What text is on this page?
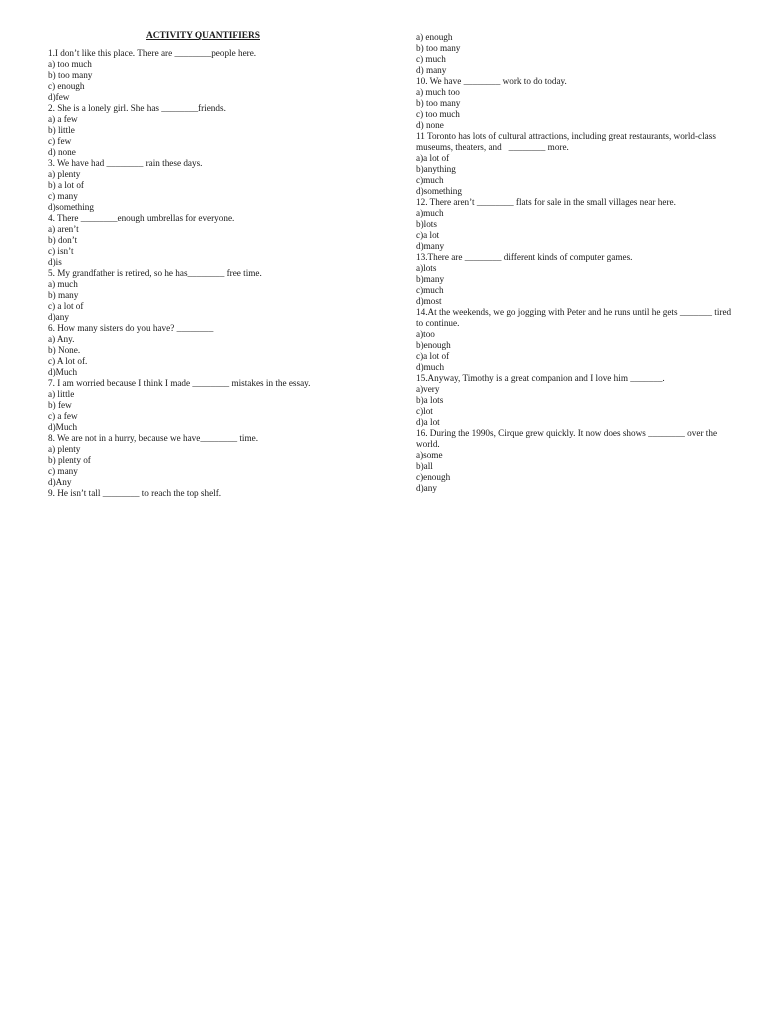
ACTIVITY QUANTIFIERS
1.I don’t like this place. There are ________people here.
a) too much
b) too many
c) enough
d)few
2. She is a lonely girl. She has ________friends.
a) a few
b) little
c) few
d) none
3. We have had ________ rain these days.
a) plenty
b) a lot of
c) many
d)something
4. There ________enough umbrellas for everyone.
a) aren’t
b) don’t
c) isn’t
d)is
5. My grandfather is retired, so he has________ free time.
a) much
b) many
c) a lot of
d)any
6. How many sisters do you have? ________
a) Any.
b) None.
c) A lot of.
d)Much
7. I am worried because I think I made ________ mistakes in the essay.
a) little
b) few
c) a few
d)Much
8. We are not in a hurry, because we have________ time.
a) plenty
b) plenty of
c) many
d)Any
9. He isn’t tall ________ to reach the top shelf.
a) enough
b) too many
c) much
d) many
10. We have ________ work to do today.
a) much too
b) too many
c) too much
d) none
11 Toronto has lots of cultural attractions, including great restaurants, world-class museums, theaters, and   ________ more.
a)a lot of
b)anything
c)much
d)something
12. There aren’t ________ flats for sale in the small villages near here.
a)much
b)lots
c)a lot
d)many
13.There are ________ different kinds of computer games.
a)lots
b)many
c)much
d)most
14.At the weekends, we go jogging with Peter and he runs until he gets _______ tired to continue.
a)too
b)enough
c)a lot of
d)much
15.Anyway, Timothy is a great companion and I love him _______.
a)very
b)a lots
c)lot
d)a lot
16. During the 1990s, Cirque grew quickly. It now does shows ________ over the world.
a)some
b)all
c)enough
d)any
